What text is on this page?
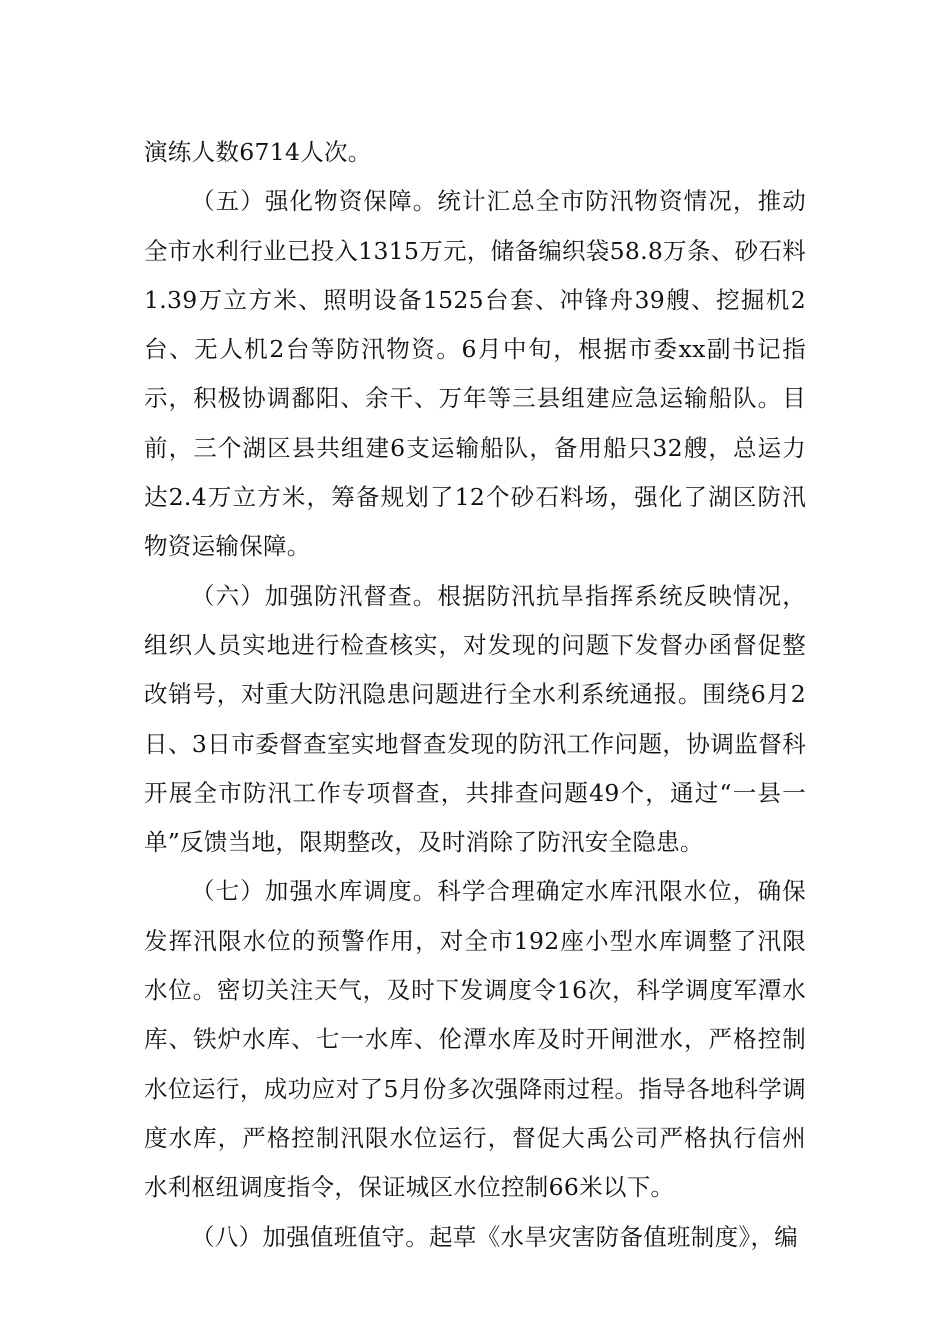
演练人数6714人次。

（五）强化物资保障。统计汇总全市防汛物资情况，推动全市水利行业已投入1315万元，储备编织袋58.8万条、砂石料1.39万立方米、照明设备1525台套、冲锋舟39艘、挖掘机2台、无人机2台等防汛物资。6月中旬，根据市委xx副书记指示，积极协调鄱阳、余干、万年等三县组建应急运输船队。目前，三个湖区县共组建6支运输船队，备用船只32艘，总运力达2.4万立方米，筹备规划了12个砂石料场，强化了湖区防汛物资运输保障。

（六）加强防汛督查。根据防汛抗旱指挥系统反映情况，组织人员实地进行检查核实，对发现的问题下发督办函督促整改销号，对重大防汛隐患问题进行全水利系统通报。围绕6月2日、3日市委督查室实地督查发现的防汛工作问题，协调监督科开展全市防汛工作专项督查，共排查问题49个，通过“一县一单”反馈当地，限期整改，及时消除了防汛安全隐患。

（七）加强水库调度。科学合理确定水库汛限水位，确保发挥汛限水位的预警作用，对全市192座小型水库调整了汛限水位。密切关注天气，及时下发调度令16次，科学调度军潭水库、铁炉水库、七一水库、伦潭水库及时开闸泄水，严格控制水位运行，成功应对了5月份多次强降雨过程。指导各地科学调度水库，严格控制汛限水位运行，督促大禹公司严格执行信州水利枢纽调度指令，保证城区水位控制66米以下。

（八）加强值班值守。起草《水旱灾害防备值班制度》，编
